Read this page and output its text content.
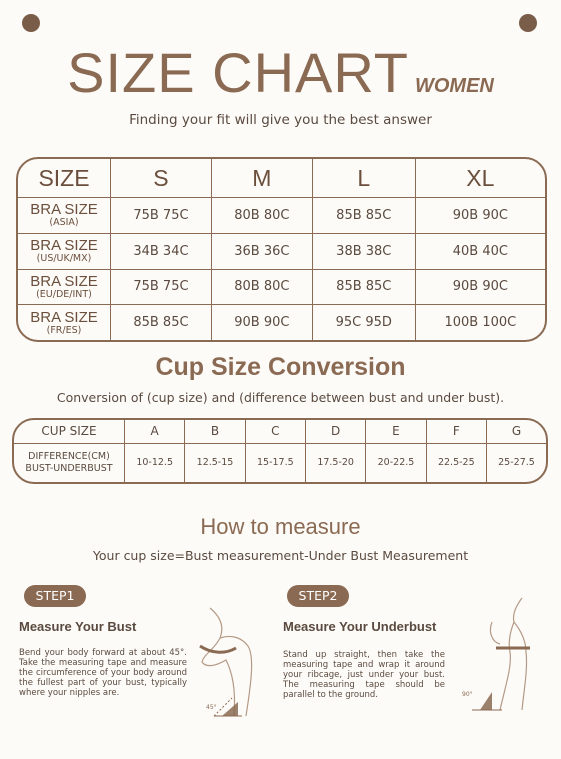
SIZE CHART WOMEN
Finding your fit will give you the best answer
SIZE	S	M	L	XL

BRA SIZE
(ASIA)	75B 75C	80B 80C	85B 85C	90B 90C

BRA SIZE
(US/UK/MX)	34B 34C	36B 36C	38B 38C	40B 40C

BRA SIZE
(EU/DE/INT)	75B 75C	80B 80C	85B 85C	90B 90C

BRA SIZE
(FR/ES)	85B 85C	90B 90C	95C 95D	100B 100C
Cup Size Conversion
Conversion of (cup size) and (difference between bust and under bust).
CUP SIZE	A	B	C	D	E	F	G
DIFFERENCE(CM)
BUST-UNDERBUST	10-12.5	12.5-15	15-17.5	17.5-20	20-22.5	22.5-25	25-27.5
How to measure
Your cup size=Bust measurement-Under Bust Measurement
STEP1
Measure Your Bust
Bend your body forward at about 45°. Take the measuring tape and measure the circumference of your body around the fullest part of your bust, typically where your nipples are.
45°
STEP2
Measure Your Underbust
Stand up straight, then take the measuring tape and wrap it around your ribcage, just under your bust. The measuring tape should be parallel to the ground.	90°
